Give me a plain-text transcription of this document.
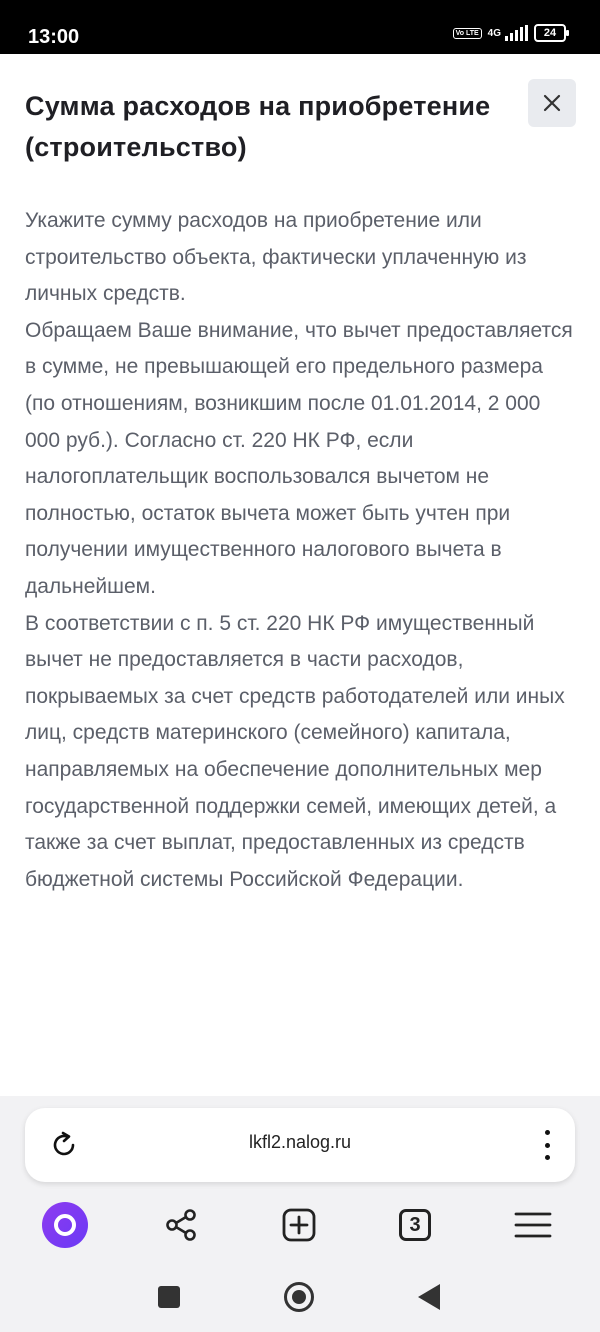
13:00	Vo LTE 4G	24
Сумма расходов на приобретение (строительство)

Укажите сумму расходов на приобретение или строительство объекта, фактически уплаченную из личных средств.

Обращаем Ваше внимание, что вычет предоставляется в сумме, не превышающей его предельного размера (по отношениям, возникшим после 01.01.2014, 2 000 000 руб.). Согласно ст. 220 НК РФ, если налогоплательщик воспользовался вычетом не полностью, остаток вычета может быть учтен при получении имущественного налогового вычета в дальнейшем.

В соответствии с п. 5 ст. 220 НК РФ имущественный вычет не предоставляется в части расходов, покрываемых за счет средств работодателей или иных лиц, средств материнского (семейного) капитала, направляемых на обеспечение дополнительных мер государственной поддержки семей, имеющих детей, а также за счет выплат, предоставленных из средств бюджетной системы Российской Федерации.

lkfl2.nalog.ru
3
